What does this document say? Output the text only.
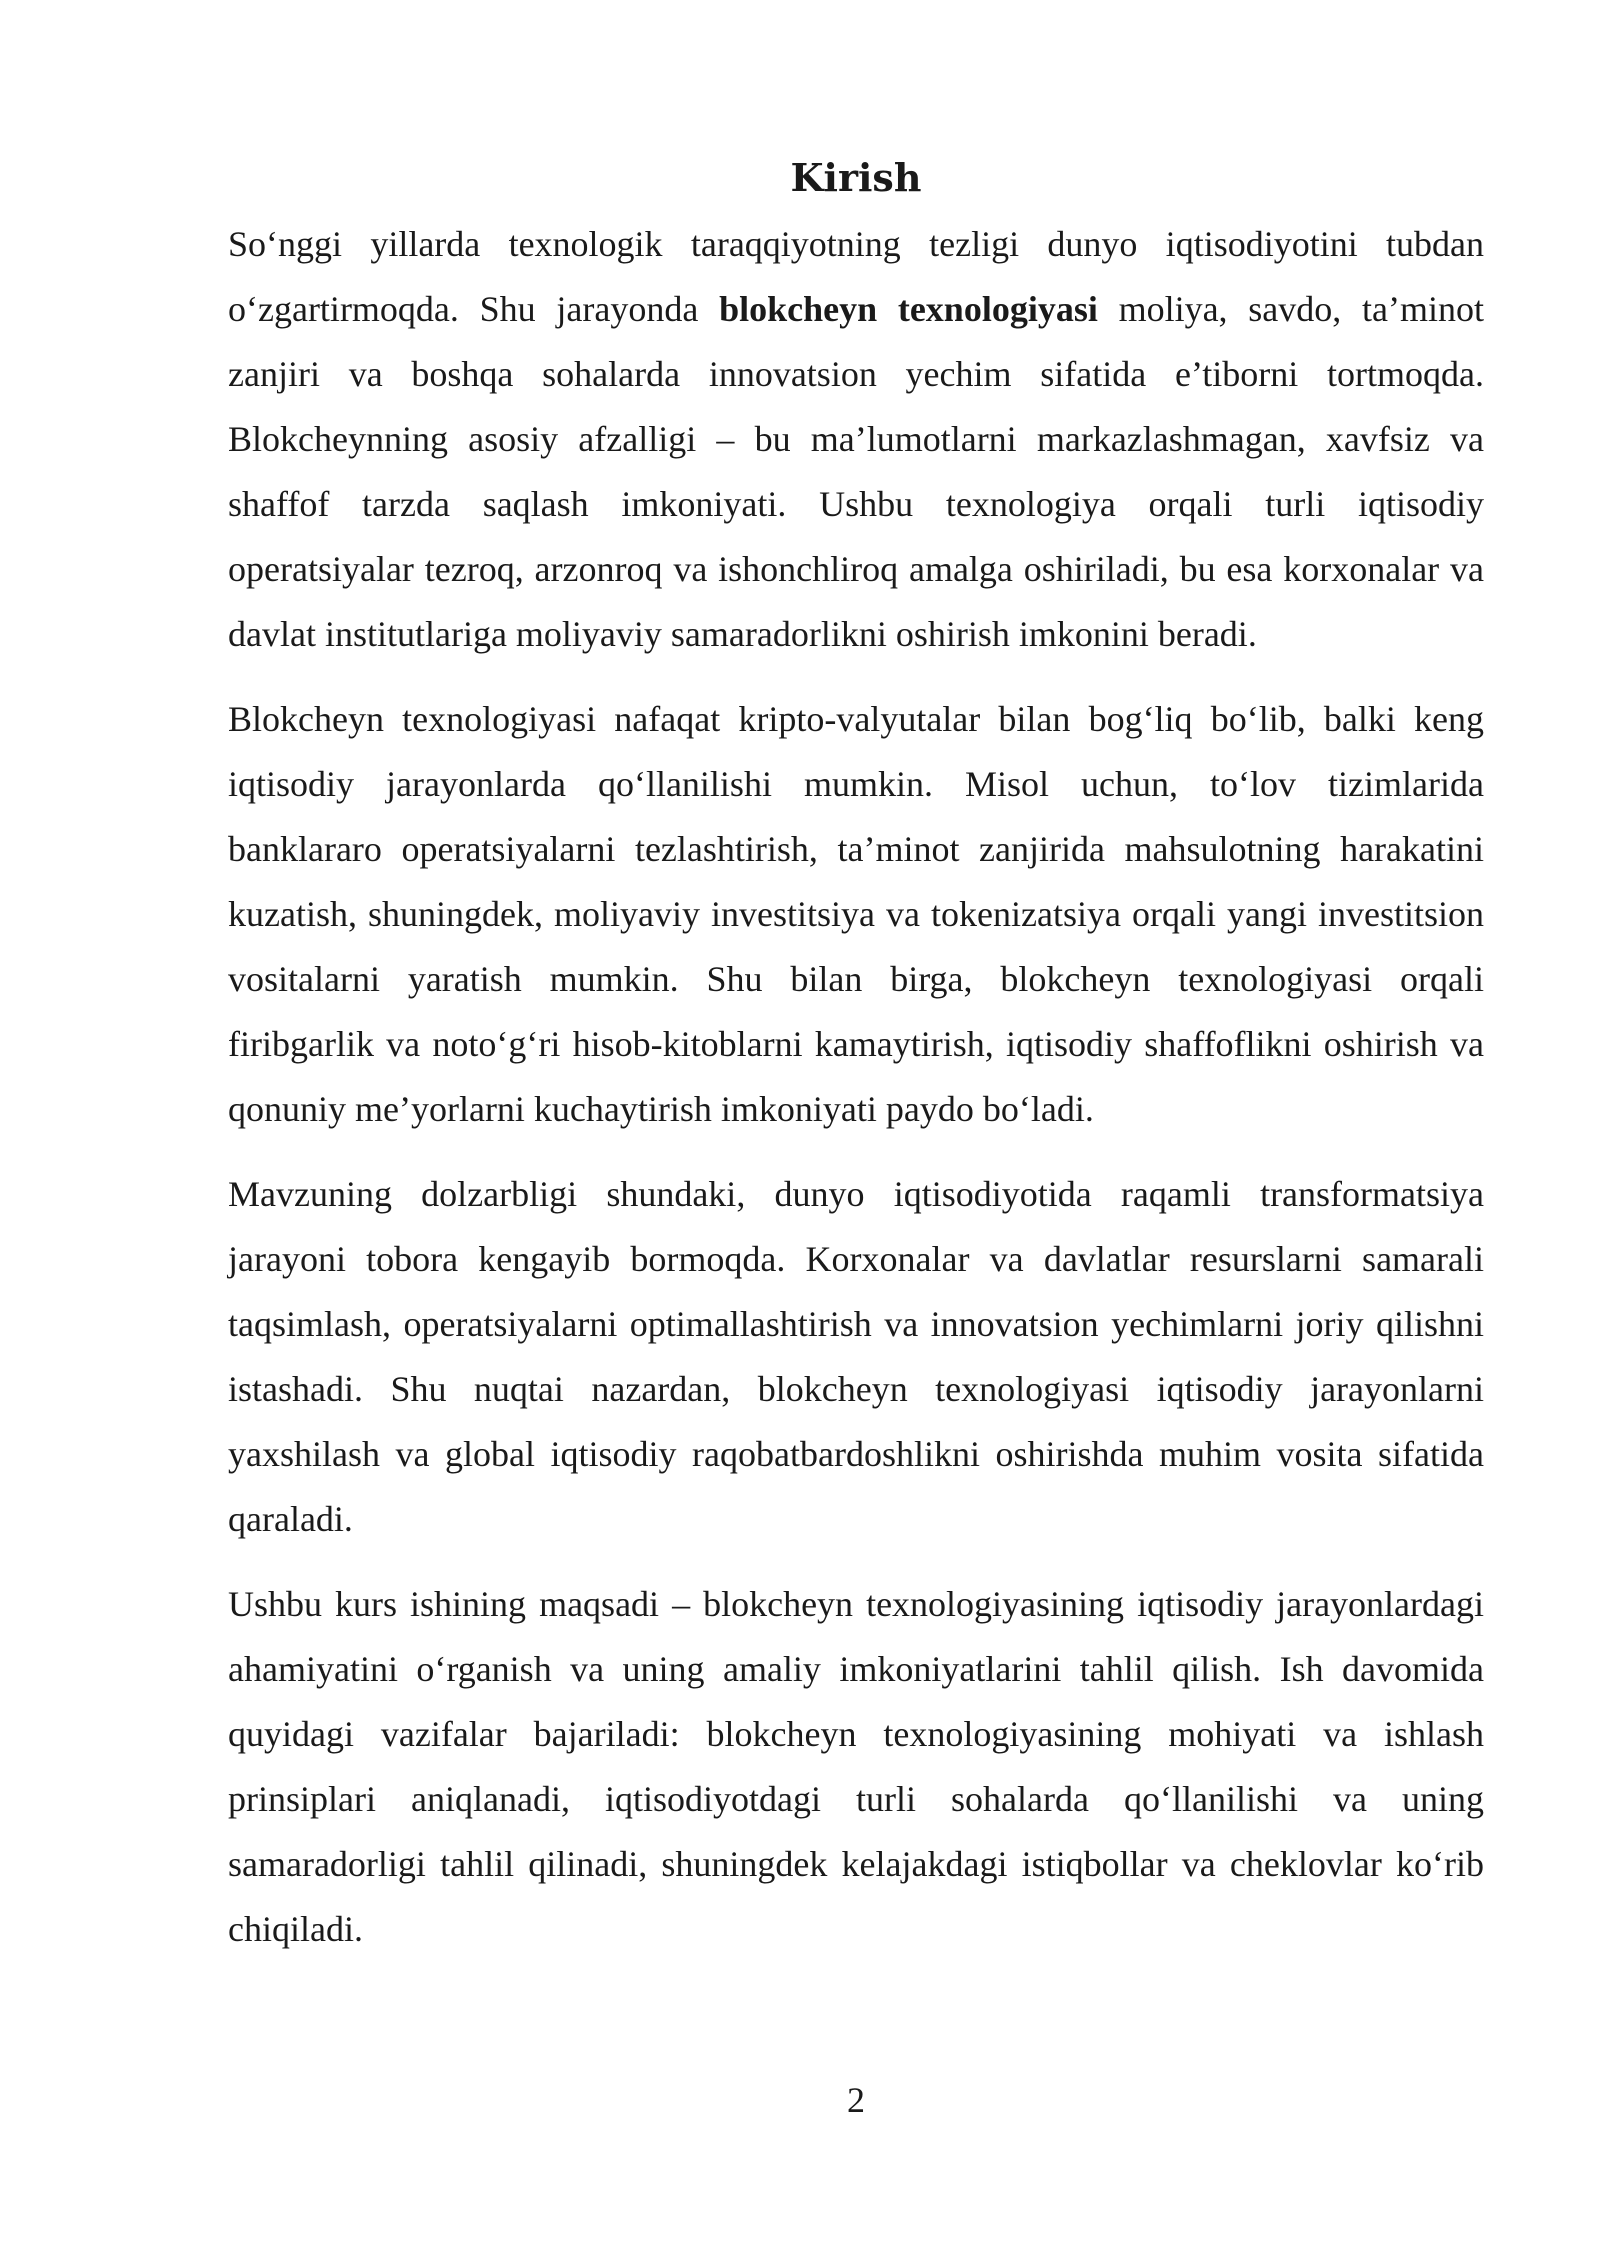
Kirish

So‘nggi yillarda texnologik taraqqiyotning tezligi dunyo iqtisodiyotini tubdan o‘zgartirmoqda. Shu jarayonda blokcheyn texnologiyasi moliya, savdo, ta’minot zanjiri va boshqa sohalarda innovatsion yechim sifatida e’tiborni tortmoqda. Blokcheynning asosiy afzalligi – bu ma’lumotlarni markazlashmagan, xavfsiz va shaffof tarzda saqlash imkoniyati. Ushbu texnologiya orqali turli iqtisodiy operatsiyalar tezroq, arzonroq va ishonchliroq amalga oshiriladi, bu esa korxonalar va davlat institutlariga moliyaviy samaradorlikni oshirish imkonini beradi.

Blokcheyn texnologiyasi nafaqat kripto-valyutalar bilan bog‘liq bo‘lib, balki keng iqtisodiy jarayonlarda qo‘llanilishi mumkin. Misol uchun, to‘lov tizimlarida banklararo operatsiyalarni tezlashtirish, ta’minot zanjirida mahsulotning harakatini kuzatish, shuningdek, moliyaviy investitsiya va tokenizatsiya orqali yangi investitsion vositalarni yaratish mumkin. Shu bilan birga, blokcheyn texnologiyasi orqali firibgarlik va noto‘g‘ri hisob-kitoblarni kamaytirish, iqtisodiy shaffoflikni oshirish va qonuniy me’yorlarni kuchaytirish imkoniyati paydo bo‘ladi.

Mavzuning dolzarbligi shundaki, dunyo iqtisodiyotida raqamli transformatsiya jarayoni tobora kengayib bormoqda. Korxonalar va davlatlar resurslarni samarali taqsimlash, operatsiyalarni optimallashtirish va innovatsion yechimlarni joriy qilishni istashadi. Shu nuqtai nazardan, blokcheyn texnologiyasi iqtisodiy jarayonlarni yaxshilash va global iqtisodiy raqobatbardoshlikni oshirishda muhim vosita sifatida qaraladi.

Ushbu kurs ishining maqsadi – blokcheyn texnologiyasining iqtisodiy jarayonlardagi ahamiyatini o‘rganish va uning amaliy imkoniyatlarini tahlil qilish. Ish davomida quyidagi vazifalar bajariladi: blokcheyn texnologiyasining mohiyati va ishlash prinsiplari aniqlanadi, iqtisodiyotdagi turli sohalarda qo‘llanilishi va uning samaradorligi tahlil qilinadi, shuningdek kelajakdagi istiqbollar va cheklovlar ko‘rib chiqiladi.

2
